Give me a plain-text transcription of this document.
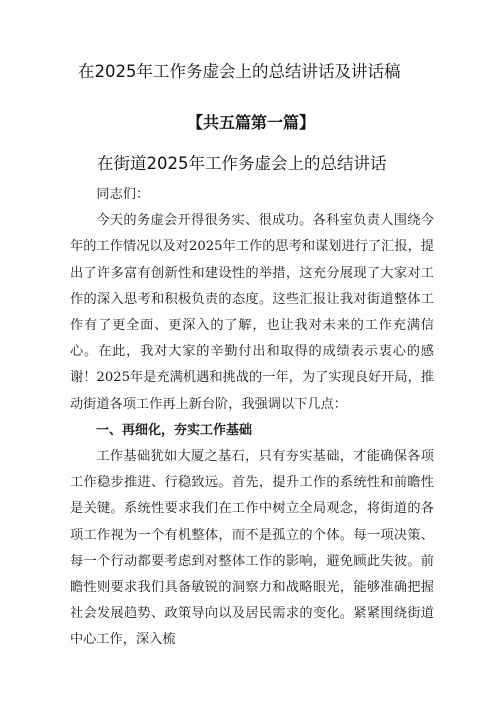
在2025年工作务虚会上的总结讲话及讲话稿
【共五篇第一篇】
在街道2025年工作务虚会上的总结讲话

同志们：

今天的务虚会开得很务实、很成功。各科室负责人围绕今年的工作情况以及对2025年工作的思考和谋划进行了汇报，提出了许多富有创新性和建设性的举措，这充分展现了大家对工作的深入思考和积极负责的态度。这些汇报让我对街道整体工作有了更全面、更深入的了解，也让我对未来的工作充满信心。在此，我对大家的辛勤付出和取得的成绩表示衷心的感谢！2025年是充满机遇和挑战的一年，为了实现良好开局，推动街道各项工作再上新台阶，我强调以下几点：

一、再细化，夯实工作基础

工作基础犹如大厦之基石，只有夯实基础，才能确保各项工作稳步推进、行稳致远。首先，提升工作的系统性和前瞻性是关键。系统性要求我们在工作中树立全局观念，将街道的各项工作视为一个有机整体，而不是孤立的个体。每一项决策、每一个行动都要考虑到对整体工作的影响，避免顾此失彼。前瞻性则要求我们具备敏锐的洞察力和战略眼光，能够准确把握社会发展趋势、政策导向以及居民需求的变化。紧紧围绕街道中心工作，深入梳
